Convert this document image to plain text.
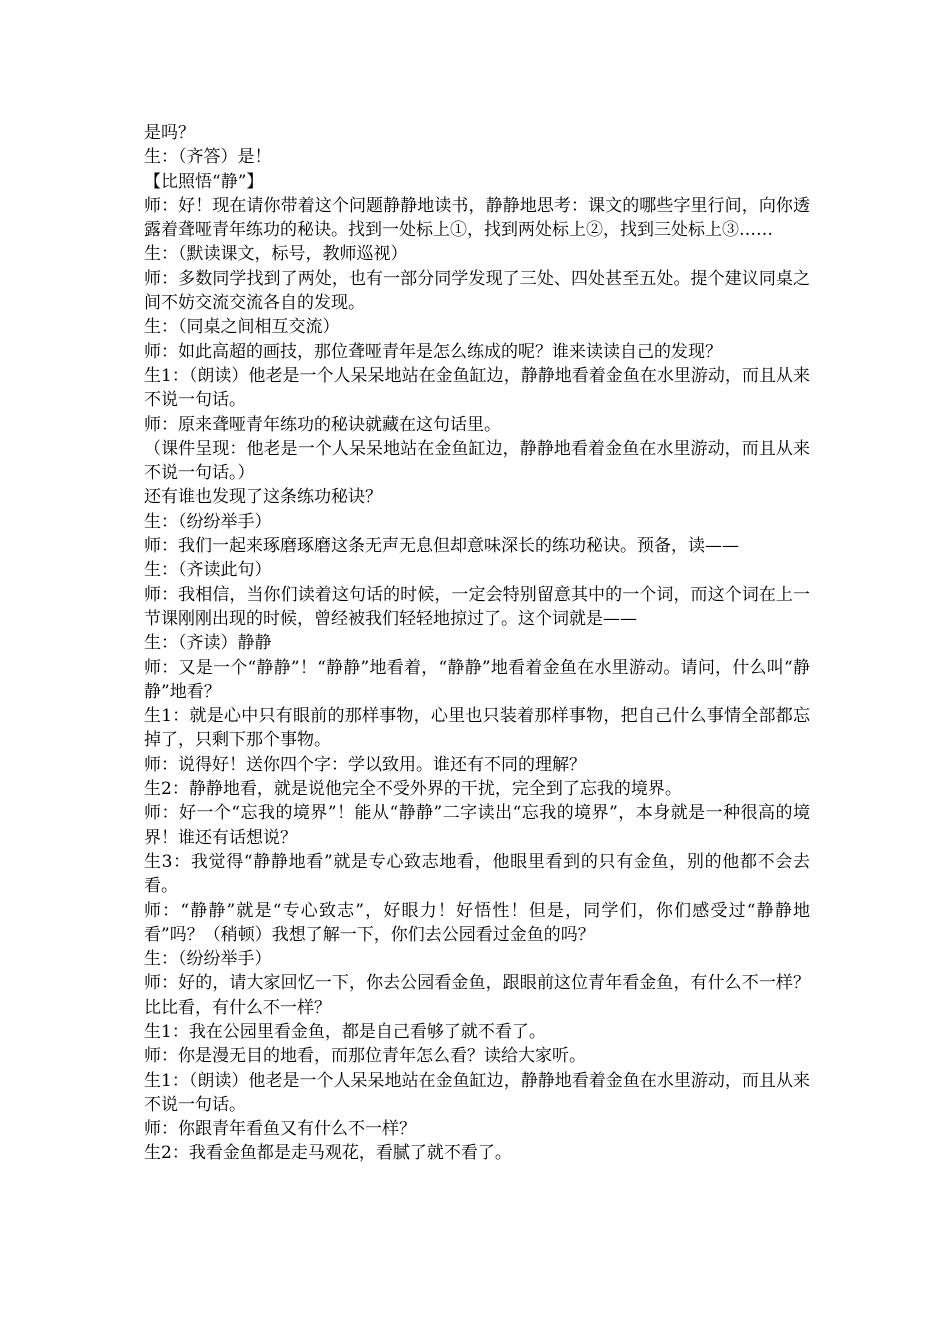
是吗？

生：（齐答）是！

【比照悟“静”】

师：好！现在请你带着这个问题静静地读书，静静地思考：课文的哪些字里行间，向你透露着聋哑青年练功的秘诀。找到一处标上①，找到两处标上②，找到三处标上③……

生：（默读课文，标号，教师巡视）

师：多数同学找到了两处，也有一部分同学发现了三处、四处甚至五处。提个建议同桌之间不妨交流交流各自的发现。

生：（同桌之间相互交流）

师：如此高超的画技，那位聋哑青年是怎么练成的呢？谁来读读自己的发现？

生1：（朗读）他老是一个人呆呆地站在金鱼缸边，静静地看着金鱼在水里游动，而且从来不说一句话。

师：原来聋哑青年练功的秘诀就藏在这句话里。

（课件呈现：他老是一个人呆呆地站在金鱼缸边，静静地看着金鱼在水里游动，而且从来不说一句话。）

还有谁也发现了这条练功秘诀？

生：（纷纷举手）

师：我们一起来琢磨琢磨这条无声无息但却意味深长的练功秘诀。预备，读——

生：（齐读此句）

师：我相信，当你们读着这句话的时候，一定会特别留意其中的一个词，而这个词在上一节课刚刚出现的时候，曾经被我们轻轻地掠过了。这个词就是——

生：（齐读）静静

师：又是一个“静静”！“静静”地看着，“静静”地看着金鱼在水里游动。请问，什么叫“静静”地看？

生1：就是心中只有眼前的那样事物，心里也只装着那样事物，把自己什么事情全部都忘掉了，只剩下那个事物。

师：说得好！送你四个字：学以致用。谁还有不同的理解？

生2：静静地看，就是说他完全不受外界的干扰，完全到了忘我的境界。

师：好一个“忘我的境界”！能从“静静”二字读出“忘我的境界”，本身就是一种很高的境界！谁还有话想说？

生3：我觉得“静静地看”就是专心致志地看，他眼里看到的只有金鱼，别的他都不会去看。

师：“静静”就是“专心致志”，好眼力！好悟性！但是，同学们，你们感受过“静静地看”吗？（稍顿）我想了解一下，你们去公园看过金鱼的吗？

生：（纷纷举手）

师：好的，请大家回忆一下，你去公园看金鱼，跟眼前这位青年看金鱼，有什么不一样？比比看，有什么不一样？

生1：我在公园里看金鱼，都是自己看够了就不看了。

师：你是漫无目的地看，而那位青年怎么看？读给大家听。

生1：（朗读）他老是一个人呆呆地站在金鱼缸边，静静地看着金鱼在水里游动，而且从来不说一句话。

师：你跟青年看鱼又有什么不一样？

生2：我看金鱼都是走马观花，看腻了就不看了。
